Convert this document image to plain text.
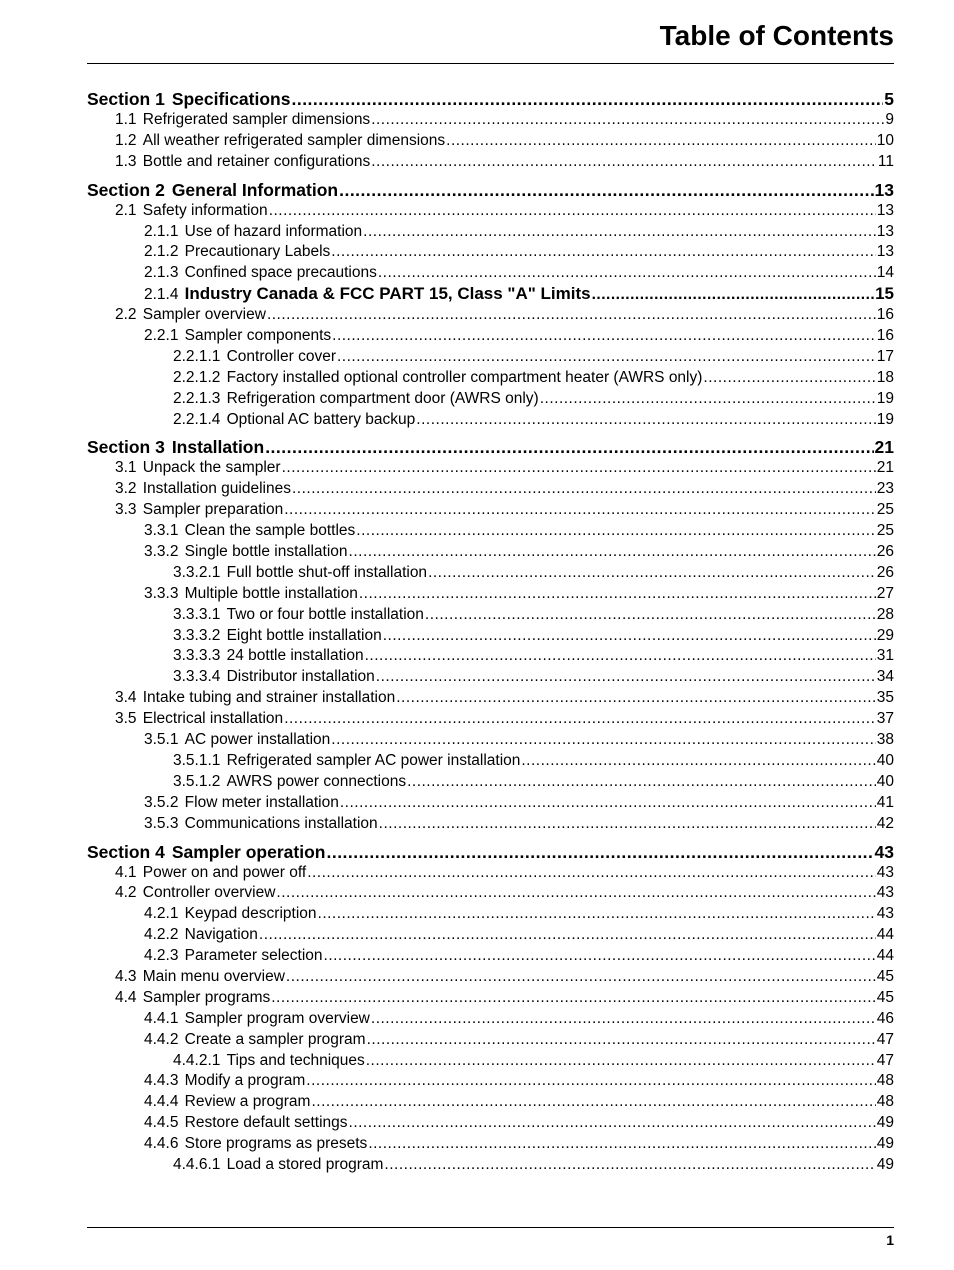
Table of Contents
Section 1 Specifications .....	5
1.1 Refrigerated sampler dimensions .....	9
1.2 All weather refrigerated sampler dimensions .....	10
1.3 Bottle and retainer configurations .....	11
Section 2 General Information .....	13
2.1 Safety information .....	13
2.1.1 Use of hazard information .....	13
2.1.2 Precautionary Labels .....	13
2.1.3 Confined space precautions .....	14
2.1.4 Industry Canada & FCC PART 15, Class "A" Limits .....	15
2.2 Sampler overview .....	16
2.2.1 Sampler components .....	16
2.2.1.1 Controller cover .....	17
2.2.1.2 Factory installed optional controller compartment heater (AWRS only) .....	18
2.2.1.3 Refrigeration compartment door (AWRS only) .....	19
2.2.1.4 Optional AC battery backup .....	19
Section 3 Installation .....	21
3.1 Unpack the sampler .....	21
3.2 Installation guidelines .....	23
3.3 Sampler preparation .....	25
3.3.1 Clean the sample bottles .....	25
3.3.2 Single bottle installation .....	26
3.3.2.1 Full bottle shut-off installation .....	26
3.3.3 Multiple bottle installation .....	27
3.3.3.1 Two or four bottle installation .....	28
3.3.3.2 Eight bottle installation .....	29
3.3.3.3 24 bottle installation .....	31
3.3.3.4 Distributor installation .....	34
3.4 Intake tubing and strainer installation .....	35
3.5 Electrical installation .....	37
3.5.1 AC power installation .....	38
3.5.1.1 Refrigerated sampler AC power installation .....	40
3.5.1.2 AWRS power connections .....	40
3.5.2 Flow meter installation .....	41
3.5.3 Communications installation .....	42
Section 4 Sampler operation .....	43
4.1 Power on and power off .....	43
4.2 Controller overview .....	43
4.2.1 Keypad description .....	43
4.2.2 Navigation .....	44
4.2.3 Parameter selection .....	44
4.3 Main menu overview .....	45
4.4 Sampler programs .....	45
4.4.1 Sampler program overview .....	46
4.4.2 Create a sampler program .....	47
4.4.2.1 Tips and techniques .....	47
4.4.3 Modify a program .....	48
4.4.4 Review a program .....	48
4.4.5 Restore default settings .....	49
4.4.6 Store programs as presets .....	49
4.4.6.1 Load a stored program .....	49
1
